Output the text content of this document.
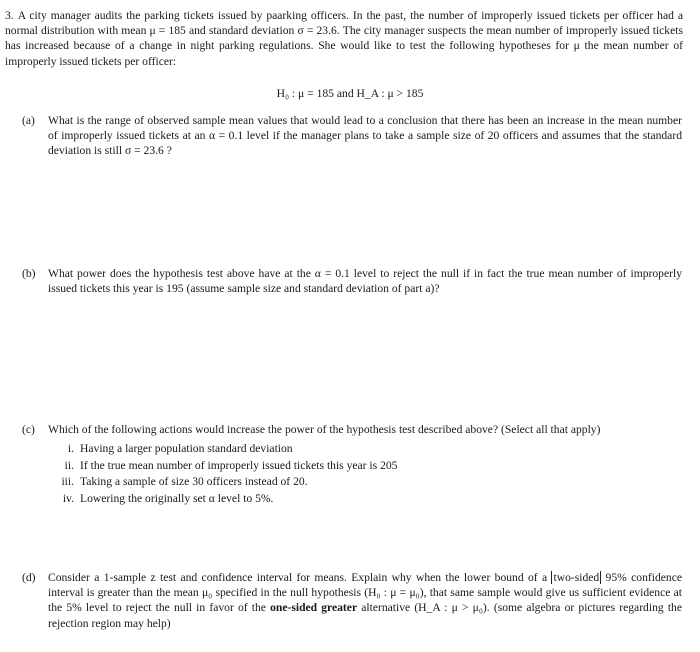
3. A city manager audits the parking tickets issued by paarking officers. In the past, the number of improperly issued tickets per officer had a normal distribution with mean μ = 185 and standard deviation σ = 23.6. The city manager suspects the mean number of improperly issued tickets has increased because of a change in night parking regulations. She would like to test the following hypotheses for μ the mean number of improperly issued tickets per officer:
H₀ : μ = 185 and H_A : μ > 185
(a)	What is the range of observed sample mean values that would lead to a conclusion that there has been an increase in the mean number of improperly issued tickets at an α = 0.1 level if the manager plans to take a sample size of 20 officers and assumes that the standard deviation is still σ = 23.6 ?
(b)	What power does the hypothesis test above have at the α = 0.1 level to reject the null if in fact the true mean number of improperly issued tickets this year is 195 (assume sample size and standard deviation of part a)?
(c)	Which of the following actions would increase the power of the hypothesis test described above? (Select all that apply)
i. Having a larger population standard deviation
ii. If the true mean number of improperly issued tickets this year is 205
iii. Taking a sample of size 30 officers instead of 20.
iv. Lowering the originally set α level to 5%.
(d)	Consider a 1-sample z test and confidence interval for means. Explain why when the lower bound of a two-sided 95% confidence interval is greater than the mean μ₀ specified in the null hypothesis (H₀ : μ = μ₀), that same sample would give us sufficient evidence at the 5% level to reject the null in favor of the one-sided greater alternative (H_A : μ > μ₀). (some algebra or pictures regarding the rejection region may help)
